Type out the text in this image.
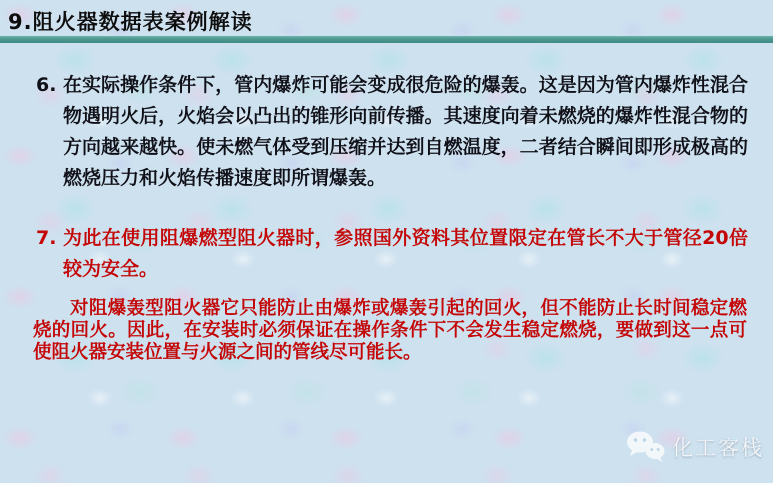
9.阻火器数据表案例解读
6. 在实际操作条件下，管内爆炸可能会变成很危险的爆轰。这是因为管内爆炸性混合物遇明火后，火焰会以凸出的锥形向前传播。其速度向着未燃烧的爆炸性混合物的方向越来越快。使未燃气体受到压缩并达到自燃温度，二者结合瞬间即形成极高的燃烧压力和火焰传播速度即所谓爆轰。
7. 为此在使用阻爆燃型阻火器时，参照国外资料其位置限定在管长不大于管径20倍较为安全。
对阻爆轰型阻火器它只能防止由爆炸或爆轰引起的回火，但不能防止长时间稳定燃烧的回火。因此，在安装时必须保证在操作条件下不会发生稳定燃烧，要做到这一点可使阻火器安装位置与火源之间的管线尽可能长。
化工客栈
